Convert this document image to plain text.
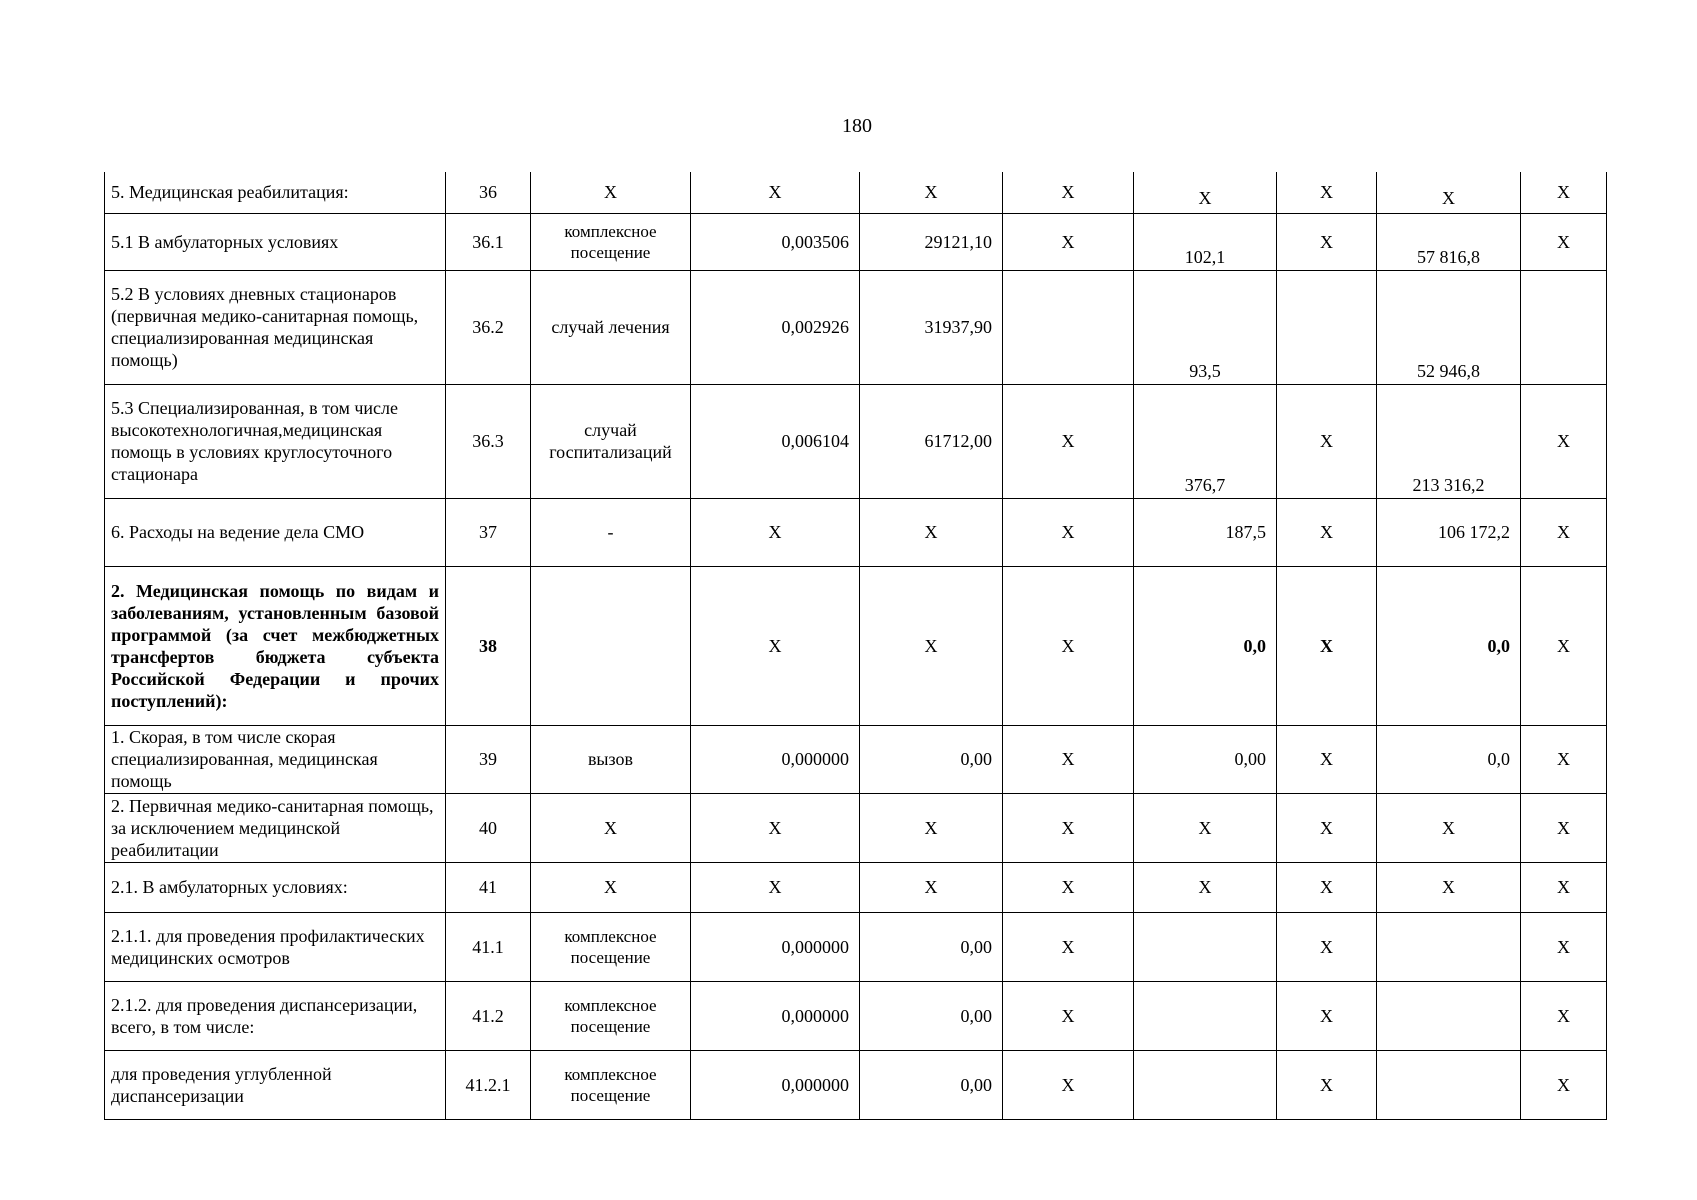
180
5. Медицинская реабилитация:	36	Х	Х	Х	Х	Х	Х	Х	Х
5.1 В амбулаторных условиях	36.1	комплексное посещение	0,003506	29121,10	Х	102,1	Х	57 816,8	Х
5.2 В условиях дневных стационаров (первичная медико-санитарная помощь, специализированная медицинская помощь)	36.2	случай лечения	0,002926	31937,90		93,5		52 946,8	
5.3 Специализированная, в том числе высокотехнологичная,медицинская помощь в условиях круглосуточного стационара	36.3	случай госпитализаций	0,006104	61712,00	Х	376,7	Х	213 316,2	Х
6. Расходы на ведение дела СМО	37	-	Х	Х	Х	187,5	Х	106 172,2	Х
2. Медицинская помощь по видам и заболеваниям, установленным базовой программой (за счет межбюджетных трансфертов бюджета субъекта Российской Федерации и прочих поступлений):	38		Х	Х	Х	0,0	Х	0,0	Х
1. Скорая, в том числе скорая специализированная, медицинская помощь	39	вызов	0,000000	0,00	Х	0,00	Х	0,0	Х
2. Первичная медико-санитарная помощь, за исключением медицинской реабилитации	40	Х	Х	Х	Х	Х	Х	Х	Х
2.1. В амбулаторных условиях:	41	Х	Х	Х	Х	Х	Х	Х	Х
2.1.1. для проведения профилактических медицинских осмотров	41.1	комплексное посещение	0,000000	0,00	Х		Х		Х
2.1.2. для проведения диспансеризации, всего, в том числе:	41.2	комплексное посещение	0,000000	0,00	Х		Х		Х
для проведения углубленной диспансеризации	41.2.1	комплексное посещение	0,000000	0,00	Х		Х		Х
